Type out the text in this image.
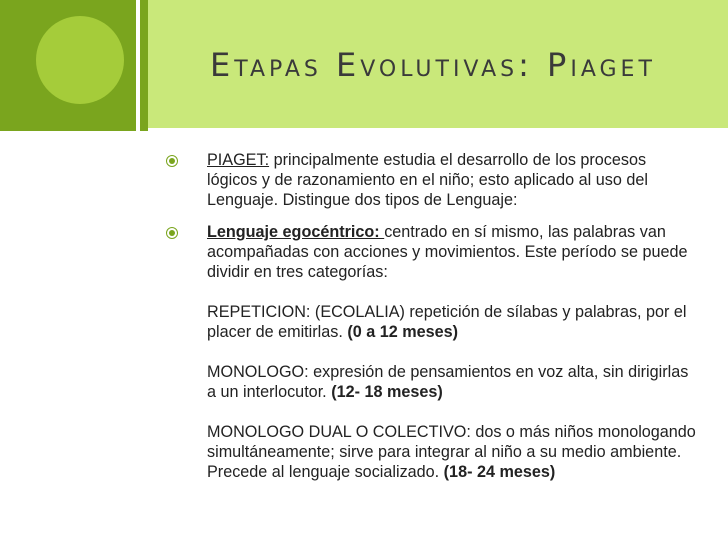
Etapas Evolutivas: Piaget
PIAGET: principalmente estudia el desarrollo de los procesos lógicos y de razonamiento en el niño; esto aplicado al uso del Lenguaje. Distingue dos tipos de Lenguaje:
Lenguaje egocéntrico: centrado en sí mismo, las palabras van acompañadas con acciones y movimientos. Este período se puede dividir en tres categorías:
REPETICION: (ECOLALIA) repetición de sílabas y palabras, por el placer de emitirlas. (0 a 12 meses)
MONOLOGO: expresión de pensamientos en voz alta, sin dirigirlas a un interlocutor. (12- 18 meses)
MONOLOGO DUAL O COLECTIVO: dos o más niños monologando simultáneamente; sirve para integrar al niño a su medio ambiente. Precede al lenguaje socializado. (18- 24 meses)
